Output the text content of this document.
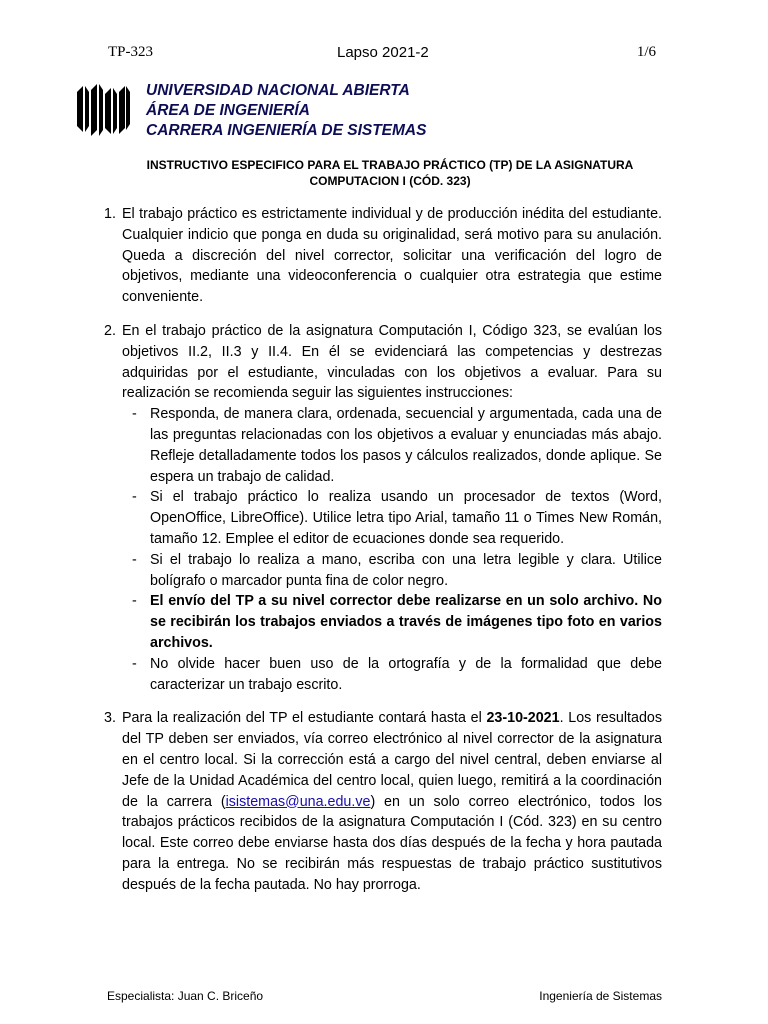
TP-323	Lapso 2021-2	1/6
UNIVERSIDAD NACIONAL ABIERTA
ÁREA DE INGENIERÍA
CARRERA INGENIERÍA DE SISTEMAS
INSTRUCTIVO ESPECIFICO PARA EL TRABAJO PRÁCTICO (TP) DE LA ASIGNATURA
COMPUTACION I (CÓD. 323)
1. El trabajo práctico es estrictamente individual y de producción inédita del estudiante. Cualquier indicio que ponga en duda su originalidad, será motivo para su anulación. Queda a discreción del nivel corrector, solicitar una verificación del logro de objetivos, mediante una videoconferencia o cualquier otra estrategia que estime conveniente.

2. En el trabajo práctico de la asignatura Computación I, Código 323, se evalúan los objetivos II.2, II.3 y II.4. En él se evidenciará las competencias y destrezas adquiridas por el estudiante, vinculadas con los objetivos a evaluar. Para su realización se recomienda seguir las siguientes instrucciones:

- Responda, de manera clara, ordenada, secuencial y argumentada, cada una de las preguntas relacionadas con los objetivos a evaluar y enunciadas más abajo. Refleje detalladamente todos los pasos y cálculos realizados, donde aplique. Se espera un trabajo de calidad.
- Si el trabajo práctico lo realiza usando un procesador de textos (Word, OpenOffice, LibreOffice). Utilice letra tipo Arial, tamaño 11 o Times New Román, tamaño 12. Emplee el editor de ecuaciones donde sea requerido.
- Si el trabajo lo realiza a mano, escriba con una letra legible y clara. Utilice bolígrafo o marcador punta fina de color negro.
- El envío del TP a su nivel corrector debe realizarse en un solo archivo. No se recibirán los trabajos enviados a través de imágenes tipo foto en varios archivos.
- No olvide hacer buen uso de la ortografía y de la formalidad que debe caracterizar un trabajo escrito.
3. Para la realización del TP el estudiante contará hasta el 23-10-2021. Los resultados del TP deben ser enviados, vía correo electrónico al nivel corrector de la asignatura en el centro local. Si la corrección está a cargo del nivel central, deben enviarse al Jefe de la Unidad Académica del centro local, quien luego, remitirá a la coordinación de la carrera (isistemas@una.edu.ve) en un solo correo electrónico, todos los trabajos prácticos recibidos de la asignatura Computación I (Cód. 323) en su centro local. Este correo debe enviarse hasta dos días después de la fecha y hora pautada para la entrega. No se recibirán más respuestas de trabajo práctico sustitutivos después de la fecha pautada. No hay prorroga.

Especialista: Juan C. Briceño	Ingeniería de Sistemas
